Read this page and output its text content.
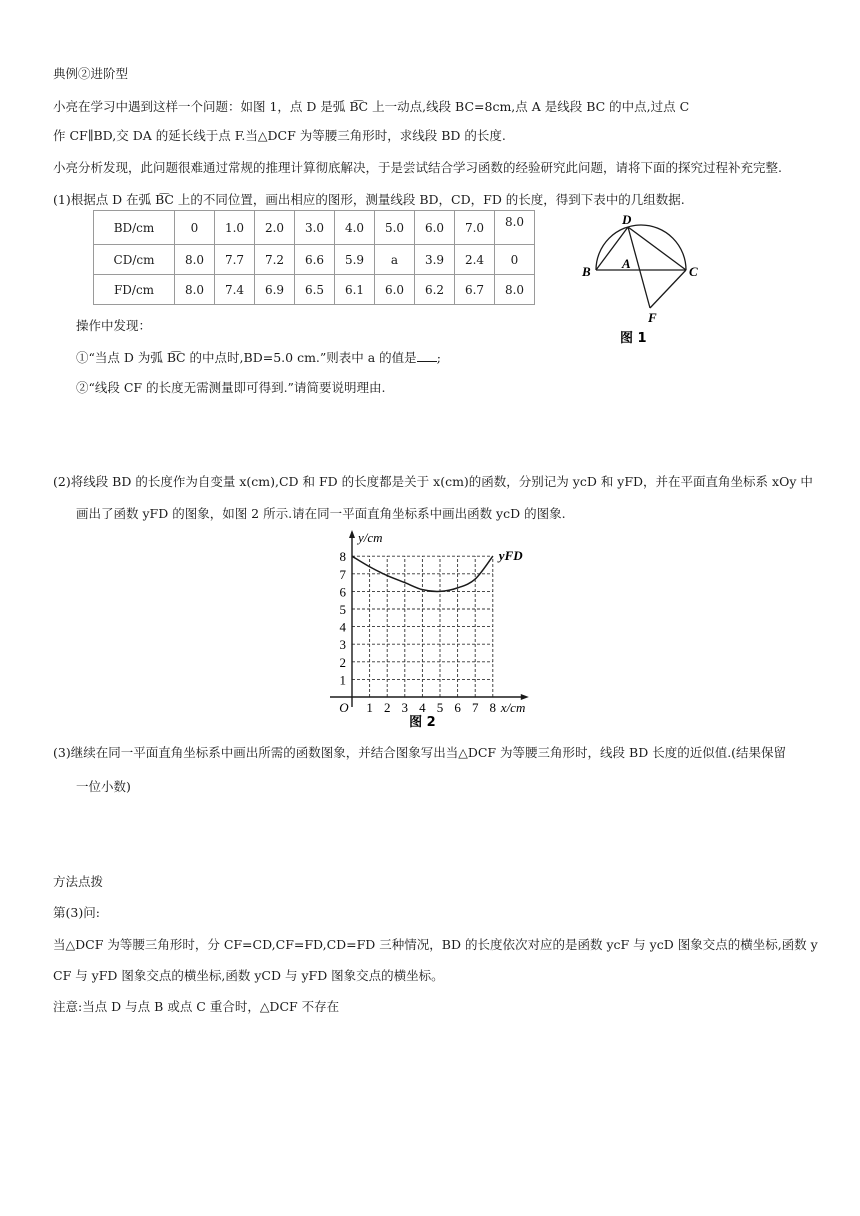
典例②进阶型
小亮在学习中遇到这样一个问题：如图 1，点 D 是弧 B͡C 上一动点,线段 BC=8cm,点 A 是线段 BC 的中点,过点 C
作 CF∥BD,交 DA 的延长线于点 F.当△DCF 为等腰三角形时，求线段 BD 的长度.
小亮分析发现，此问题很难通过常规的推理计算彻底解决，于是尝试结合学习函数的经验研究此问题，请将下面的探究过程补充完整.
(1)根据点 D 在弧 B͡C 上的不同位置，画出相应的图形，测量线段 BD，CD，FD 的长度，得到下表中的几组数据.
BD/cm	0	1.0	2.0	3.0	4.0	5.0	6.0	7.0	8.0
CD/cm	8.0	7.7	7.2	6.6	5.9	a	3.9	2.4	0
FD/cm	8.0	7.4	6.9	6.5	6.1	6.0	6.2	6.7	8.0
D
B
A
C
F
图 1
操作中发现：
①“当点 D 为弧 B͡C 的中点时,BD=5.0 cm.”则表中 a 的值是 ;
②“线段 CF 的长度无需测量即可得到.”请简要说明理由.
(2)将线段 BD 的长度作为自变量 x(cm),CD 和 FD 的长度都是关于 x(cm)的函数，分别记为 ycD 和 yFD，并在平面直角坐标系 xOy 中
画出了函数 yFD 的图象，如图 2 所示.请在同一平面直角坐标系中画出函数 ycD 的图象.
1 2 3 4 5 6 7 8
1
2
3
4
5
6
7
8
O	x/cm
y/cm
yFD
图 2
(3)继续在同一平面直角坐标系中画出所需的函数图象，并结合图象写出当△DCF 为等腰三角形时，线段 BD 长度的近似值.(结果保留
一位小数)
方法点拨
第(3)问:
当△DCF 为等腰三角形时，分 CF=CD,CF=FD,CD=FD 三种情况，BD 的长度依次对应的是函数 ycF 与 ycD 图象交点的横坐标,函数 y
CF 与 yFD 图象交点的横坐标,函数 yCD 与 yFD 图象交点的横坐标。
注意:当点 D 与点 B 或点 C 重合时，△DCF 不存在
